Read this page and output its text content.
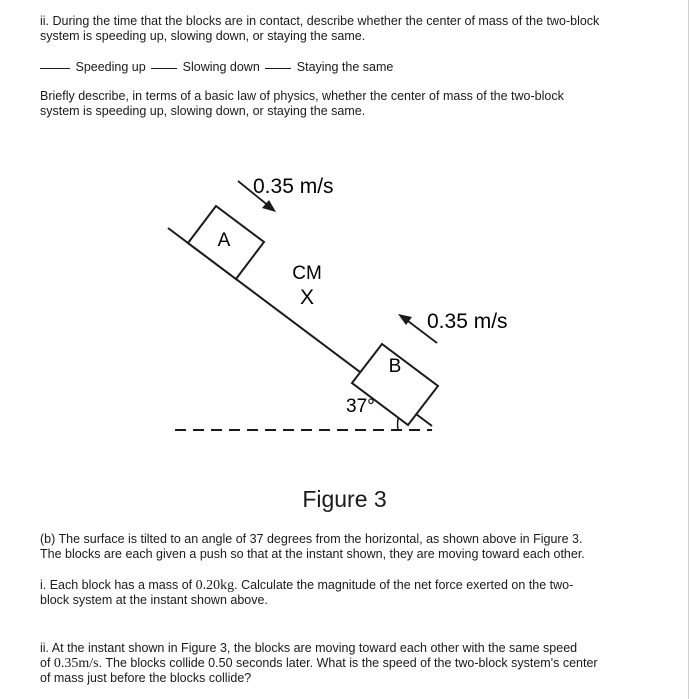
ii. During the time that the blocks are in contact, describe whether the center of mass of the two-block
system is speeding up, slowing down, or staying the same.
Speeding up	Slowing down	Staying the same
Briefly describe, in terms of a basic law of physics, whether the center of mass of the two-block
system is speeding up, slowing down, or staying the same.
A
B
0.35 m/s
0.35 m/s
CM
X
37°
Figure 3
(b) The surface is tilted to an angle of 37 degrees from the horizontal, as shown above in Figure 3.
The blocks are each given a push so that at the instant shown, they are moving toward each other.
i. Each block has a mass of 0.20kg. Calculate the magnitude of the net force exerted on the two-
block system at the instant shown above.
ii. At the instant shown in Figure 3, the blocks are moving toward each other with the same speed
of 0.35m/s. The blocks collide 0.50 seconds later. What is the speed of the two-block system's center
of mass just before the blocks collide?
